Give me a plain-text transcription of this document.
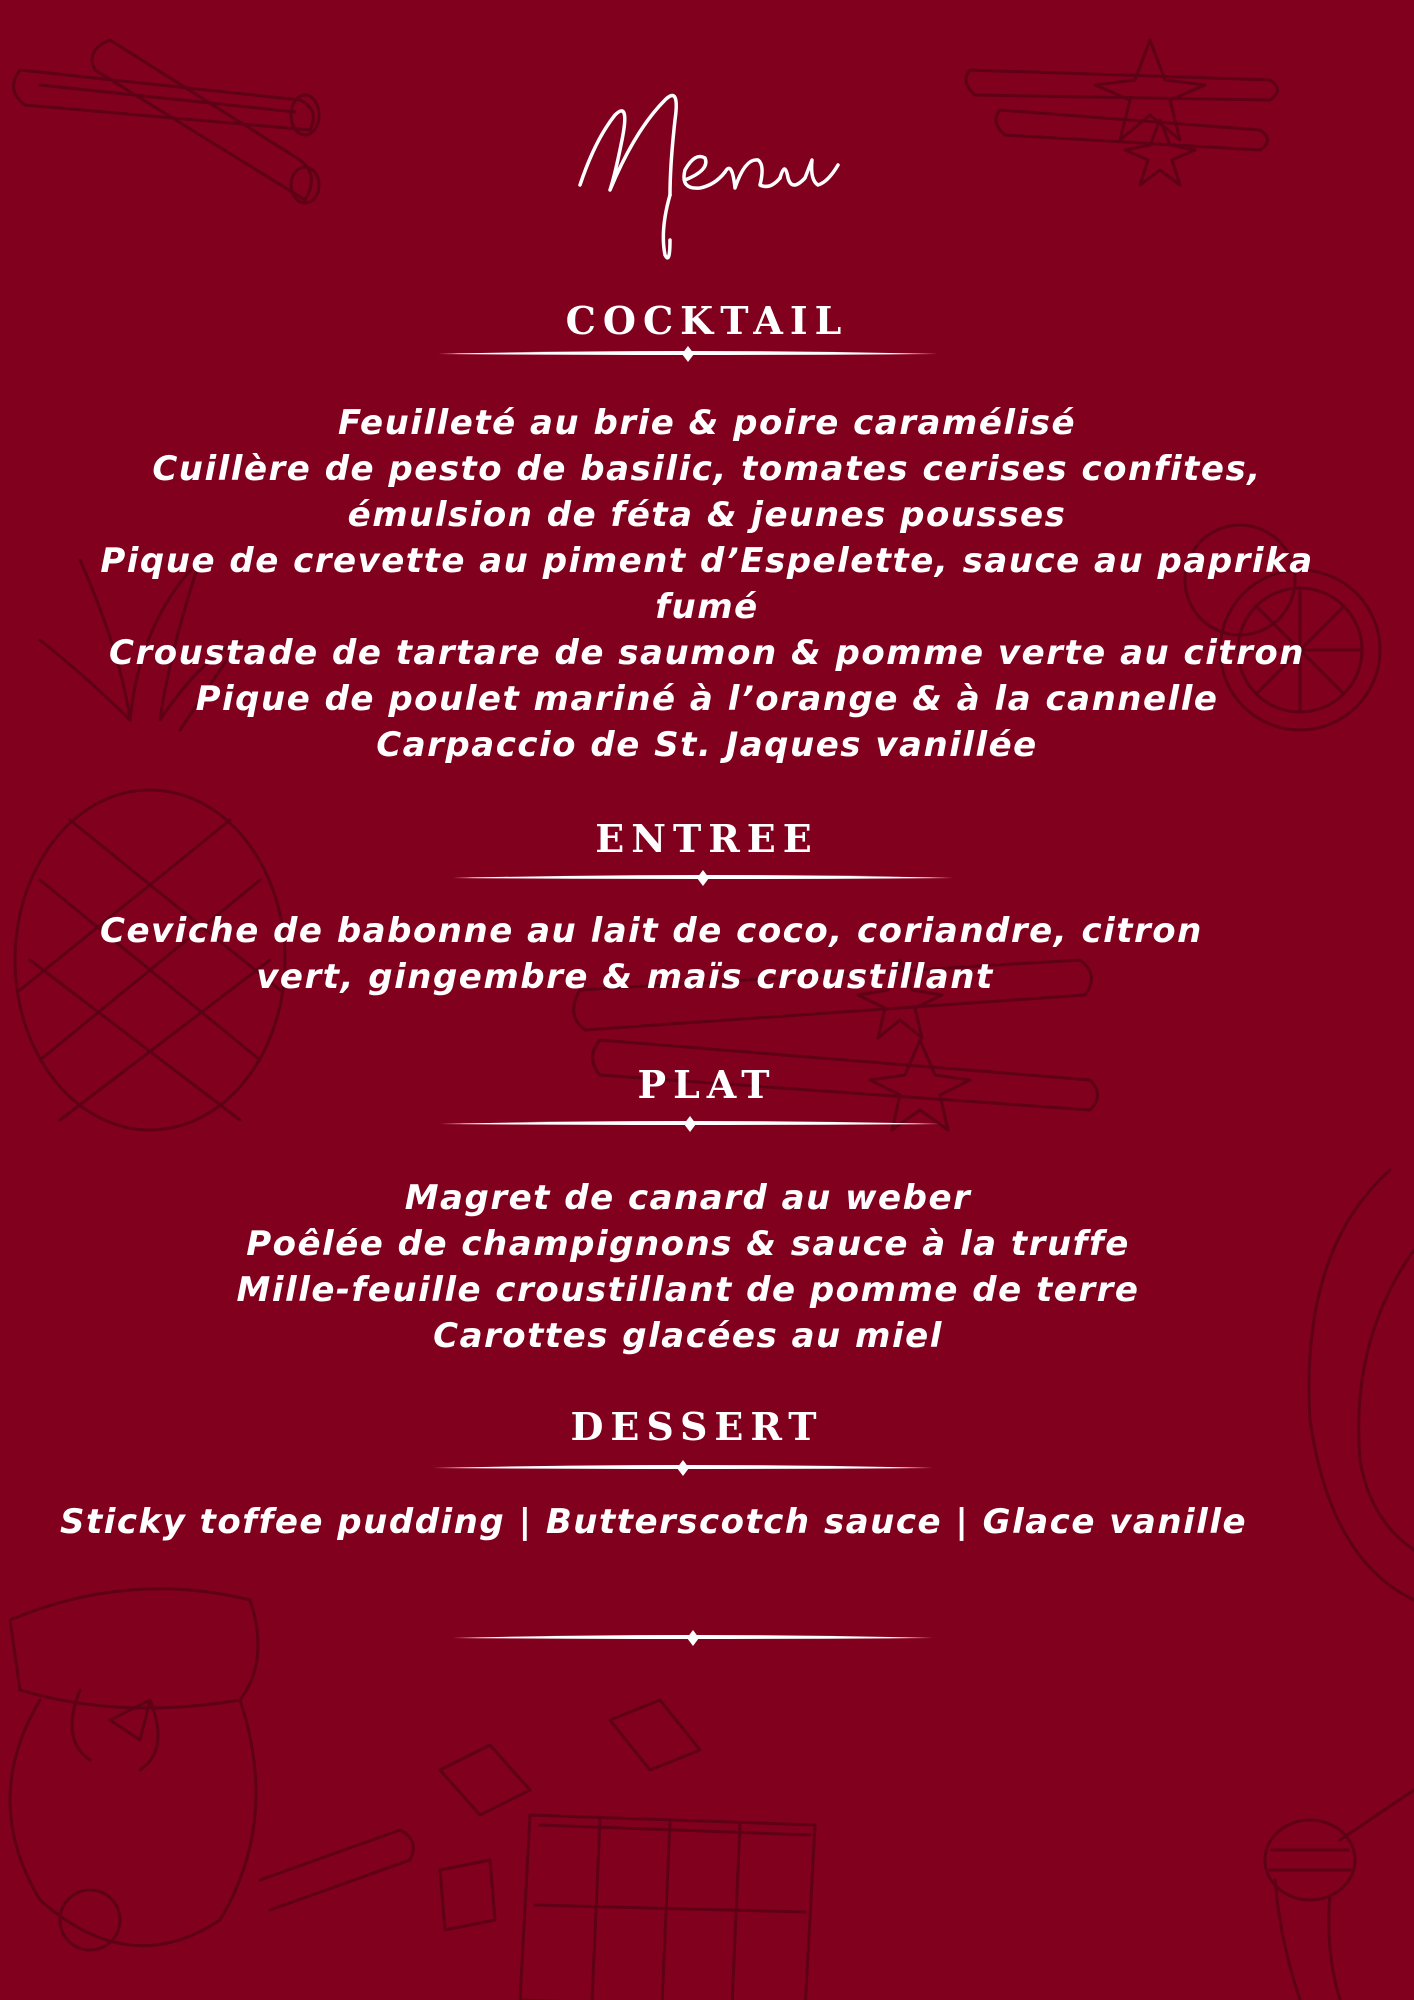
COCKTAIL
Feuilleté au brie & poire caramélisé
Cuillère de pesto de basilic, tomates cerises confites,
émulsion de féta & jeunes pousses
Pique de crevette au piment d’Espelette, sauce au paprika
fumé
Croustade de tartare de saumon & pomme verte au citron
Pique de poulet mariné à l’orange & à la cannelle
Carpaccio de St. Jaques vanillée
ENTREE
Ceviche de babonne au lait de coco, coriandre, citron
vert, gingembre & maïs croustillant
PLAT
Magret de canard au weber
Poêlée de champignons & sauce à la truffe
Mille-feuille croustillant de pomme de terre
Carottes glacées au miel
DESSERT
Sticky toffee pudding | Butterscotch sauce | Glace vanille
